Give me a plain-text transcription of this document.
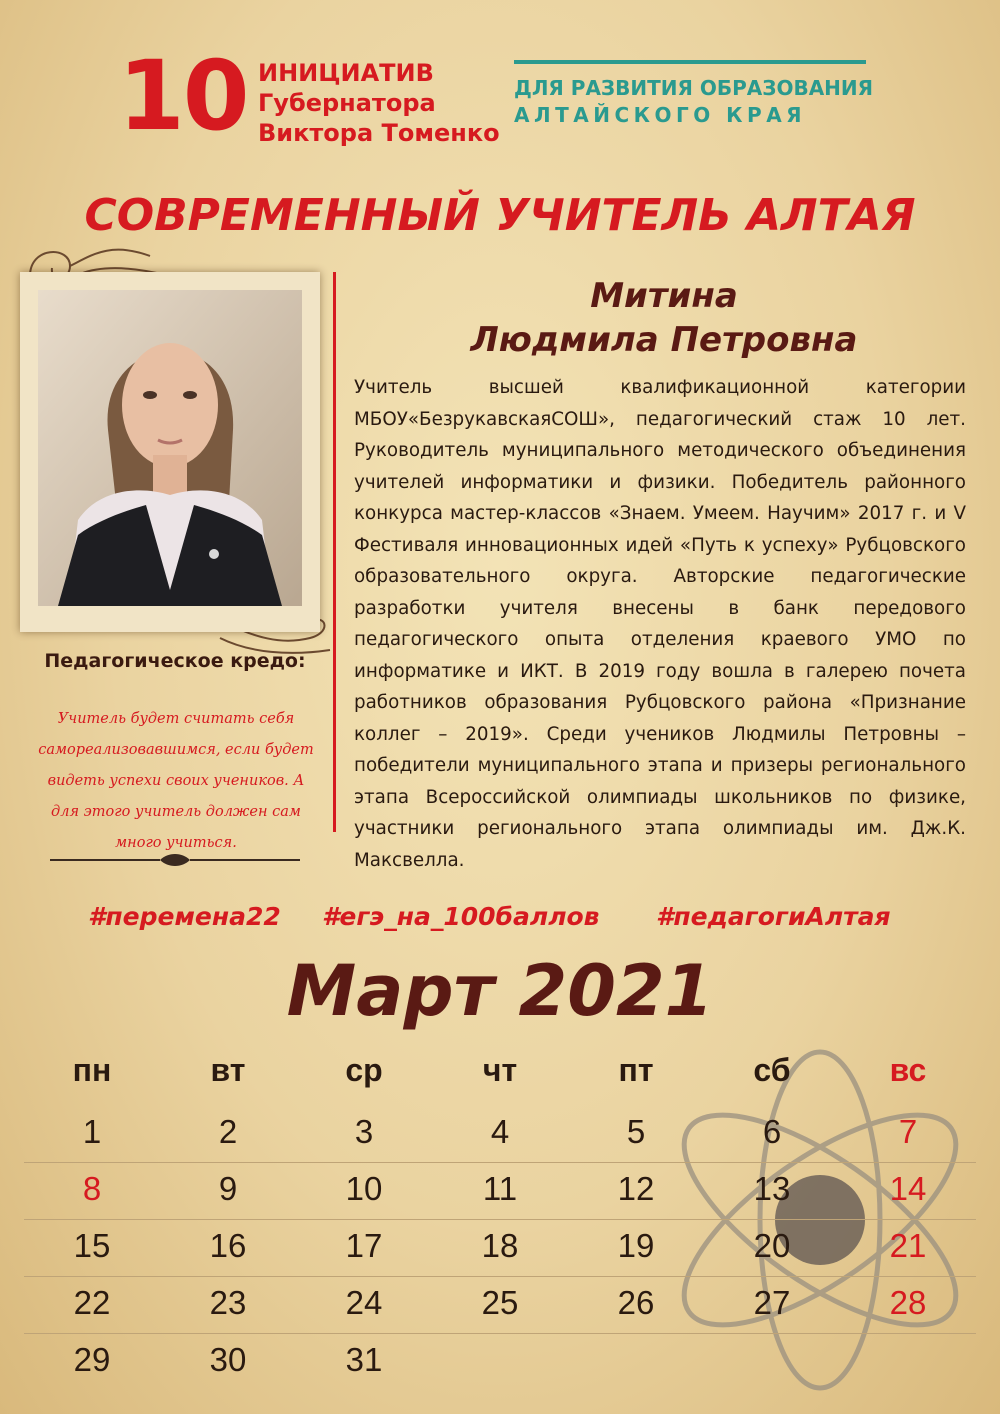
10 ИНИЦИАТИВ
Губернатора
Виктора Томенко
ДЛЯ РАЗВИТИЯ ОБРАЗОВАНИЯ
АЛТАЙСКОГО КРАЯ
СОВРЕМЕННЫЙ УЧИТЕЛЬ АЛТАЯ
Митина
Людмила Петровна
Учитель высшей квалификационной категории МБОУ«БезрукавскаяСОШ», педагогический стаж 10 лет. Руководитель муниципального методического объединения учителей информатики и физики. Победитель районного конкурса мастер-классов «Знаем. Умеем. Научим» 2017 г. и V Фестиваля инновационных идей «Путь к успеху» Рубцовского образовательного округа. Авторские педагогические разработки учителя внесены в банк передового педагогического опыта отделения краевого УМО по информатике и ИКТ. В 2019 году вошла в галерею почета работников образования Рубцовского района «Признание коллег – 2019». Среди учеников Людмилы Петровны – победители муниципального этапа и призеры регионального этапа Всероссийской олимпиады школьников по физике, участники регионального этапа олимпиады им. Дж.К. Максвелла.
Педагогическое кредо:
Учитель будет считать себя самореализовавшимся, если будет видеть успехи своих учеников. А для этого учитель должен сам много учиться.
#перемена22 #егэ_на_100баллов #педагогиАлтая
Март 2021
пн	вт	ср	чт	пт	сб	вс
1	2	3	4	5	6	7
8	9	10	11	12	13	14
15	16	17	18	19	20	21
22	23	24	25	26	27	28
29	30	31
